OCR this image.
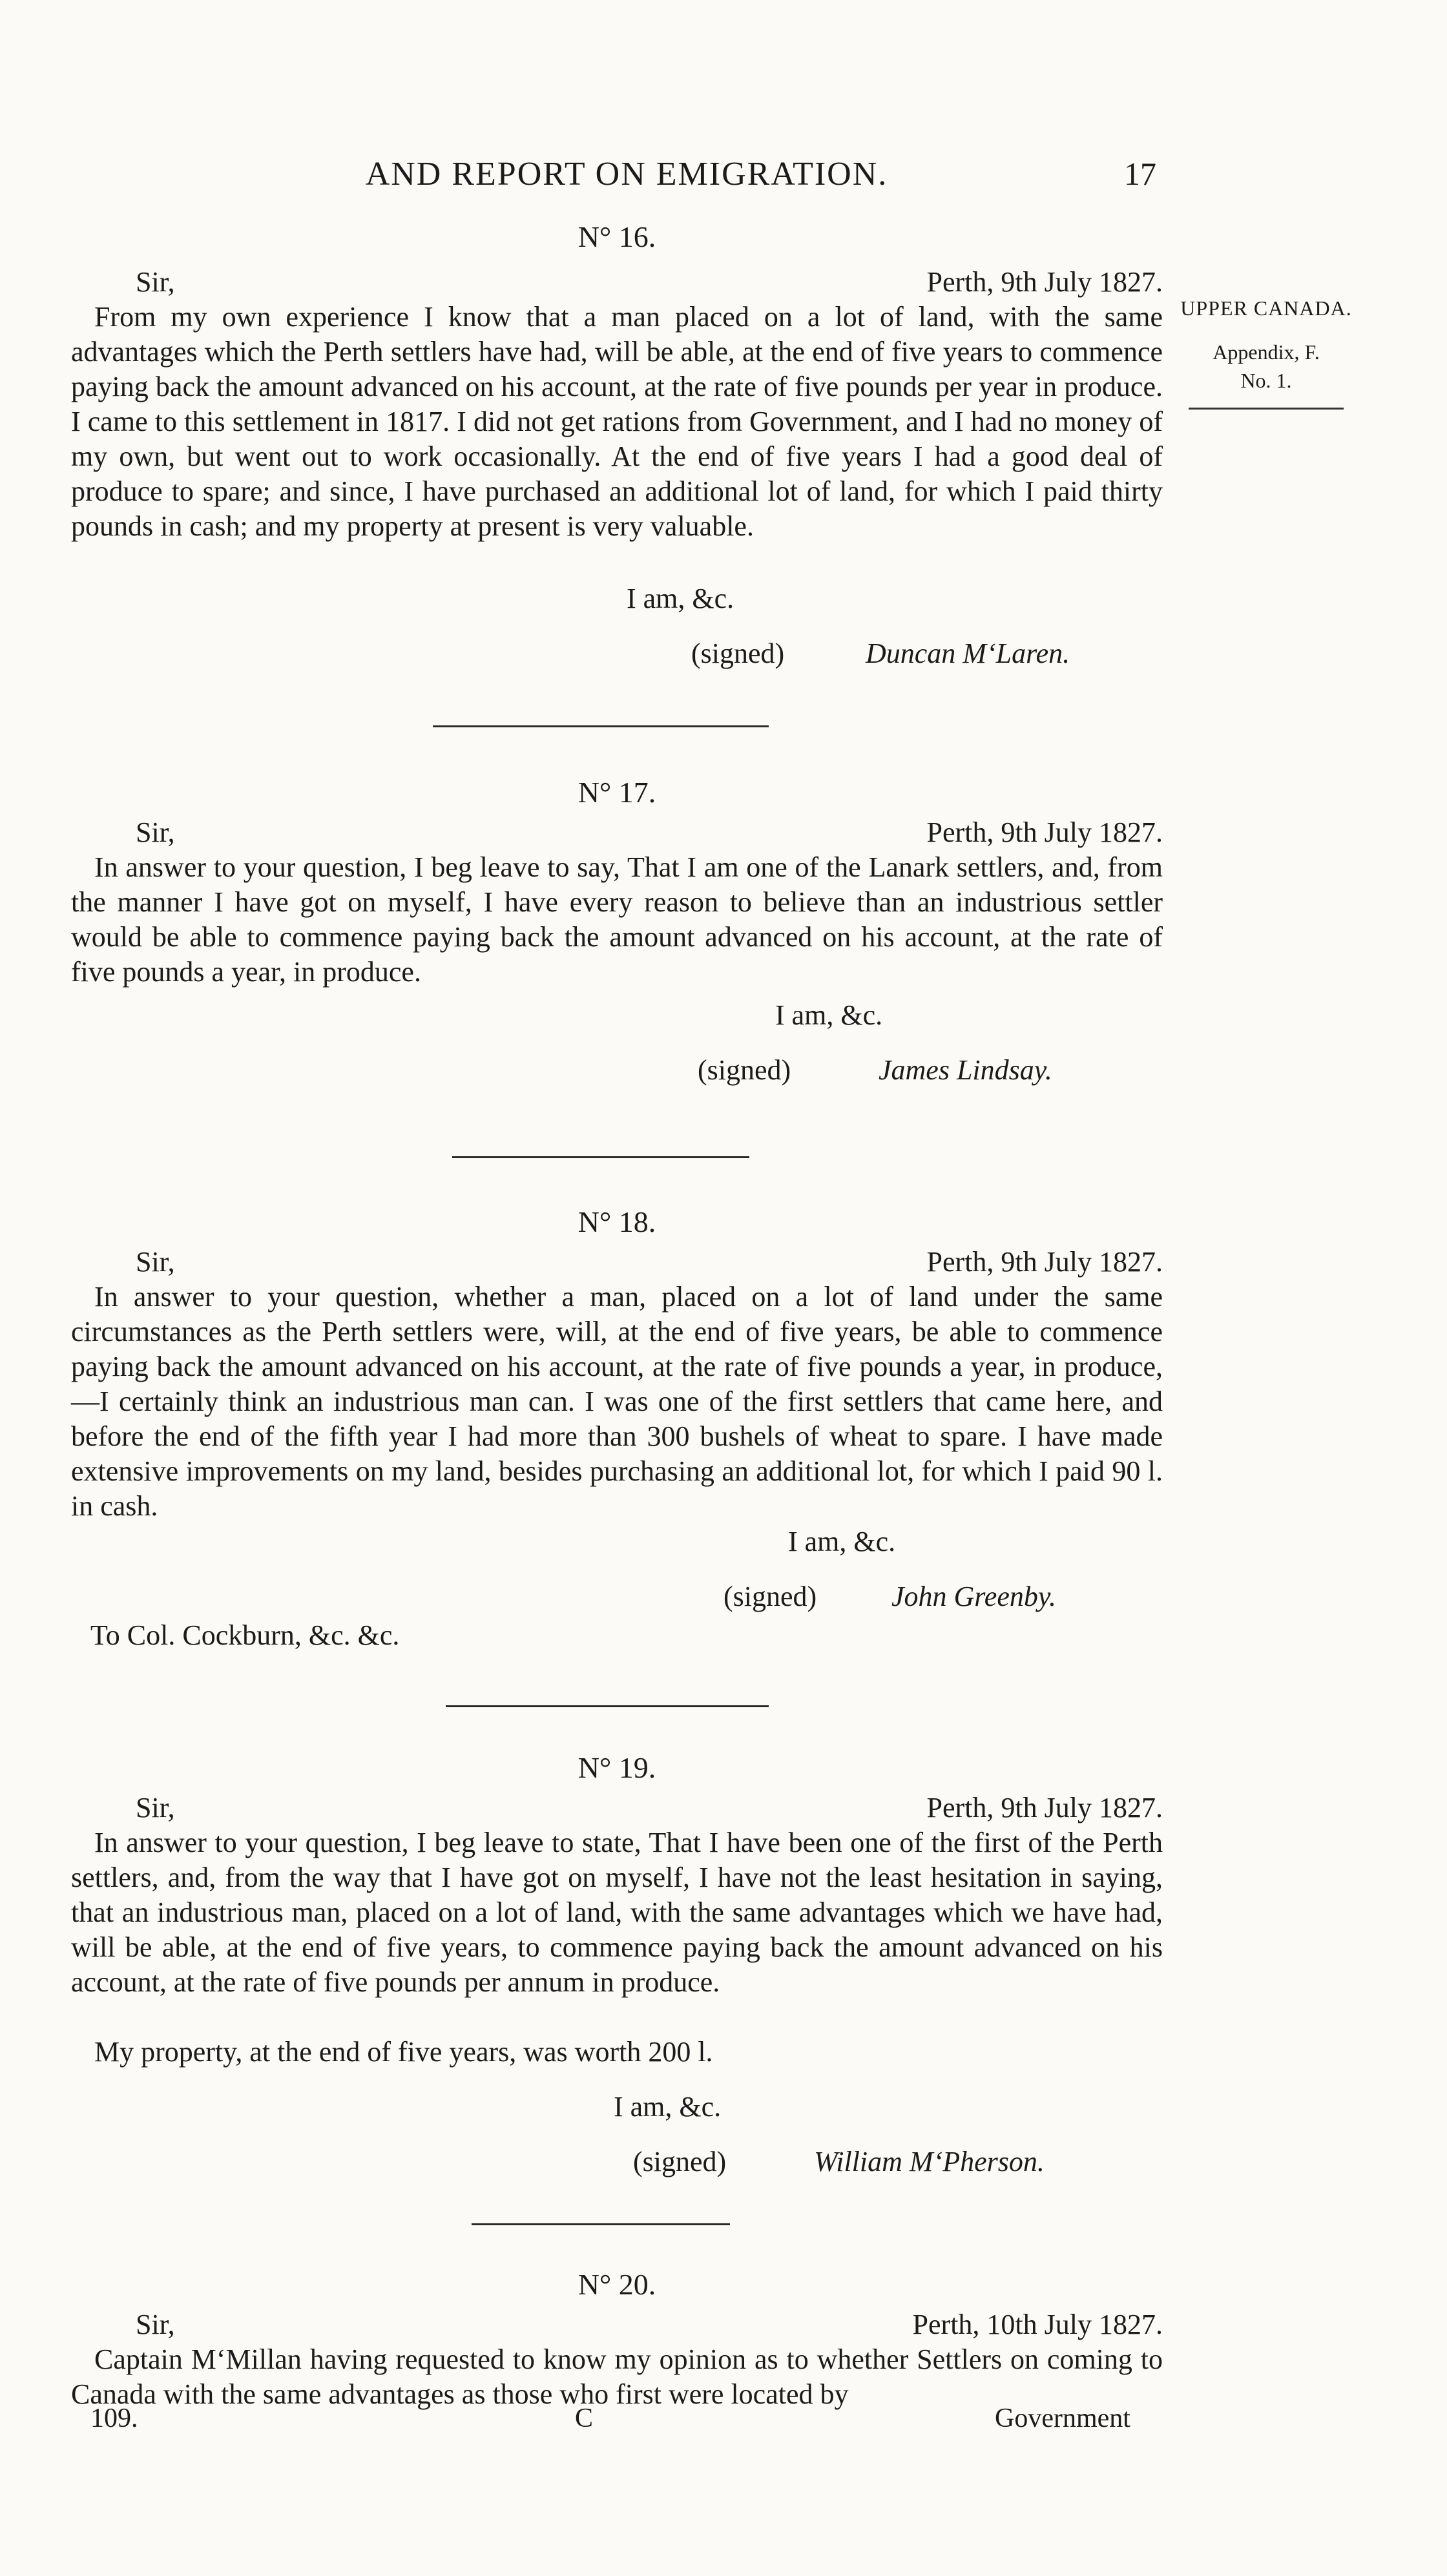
AND REPORT ON EMIGRATION.	17
UPPER CANADA.
Appendix, F.
No. 1.
N° 16.
Sir,	Perth, 9th July 1827.
From my own experience I know that a man placed on a lot of land, with the same advantages which the Perth settlers have had, will be able, at the end of five years to commence paying back the amount advanced on his account, at the rate of five pounds per year in produce. I came to this settlement in 1817. I did not get rations from Government, and I had no money of my own, but went out to work occasionally. At the end of five years I had a good deal of produce to spare; and since, I have purchased an additional lot of land, for which I paid thirty pounds in cash; and my property at present is very valuable.
I am, &c.
(signed)	Duncan M‘Laren.
N° 17.
Sir,	Perth, 9th July 1827.
In answer to your question, I beg leave to say, That I am one of the Lanark settlers, and, from the manner I have got on myself, I have every reason to believe than an industrious settler would be able to commence paying back the amount advanced on his account, at the rate of five pounds a year, in produce.
I am, &c.
(signed)	James Lindsay.
N° 18.
Sir,	Perth, 9th July 1827.
In answer to your question, whether a man, placed on a lot of land under the same circumstances as the Perth settlers were, will, at the end of five years, be able to commence paying back the amount advanced on his account, at the rate of five pounds a year, in produce,—I certainly think an industrious man can. I was one of the first settlers that came here, and before the end of the fifth year I had more than 300 bushels of wheat to spare. I have made extensive improvements on my land, besides purchasing an additional lot, for which I paid 90 l. in cash.
I am, &c.
(signed)	John Greenby.
To Col. Cockburn, &c. &c.
N° 19.
Sir,	Perth, 9th July 1827.
In answer to your question, I beg leave to state, That I have been one of the first of the Perth settlers, and, from the way that I have got on myself, I have not the least hesitation in saying, that an industrious man, placed on a lot of land, with the same advantages which we have had, will be able, at the end of five years, to commence paying back the amount advanced on his account, at the rate of five pounds per annum in produce.
My property, at the end of five years, was worth 200 l.
I am, &c.
(signed)	William M‘Pherson.
N° 20.
Sir,	Perth, 10th July 1827.
Captain M‘Millan having requested to know my opinion as to whether Settlers on coming to Canada with the same advantages as those who first were located by
109.	C	Government
